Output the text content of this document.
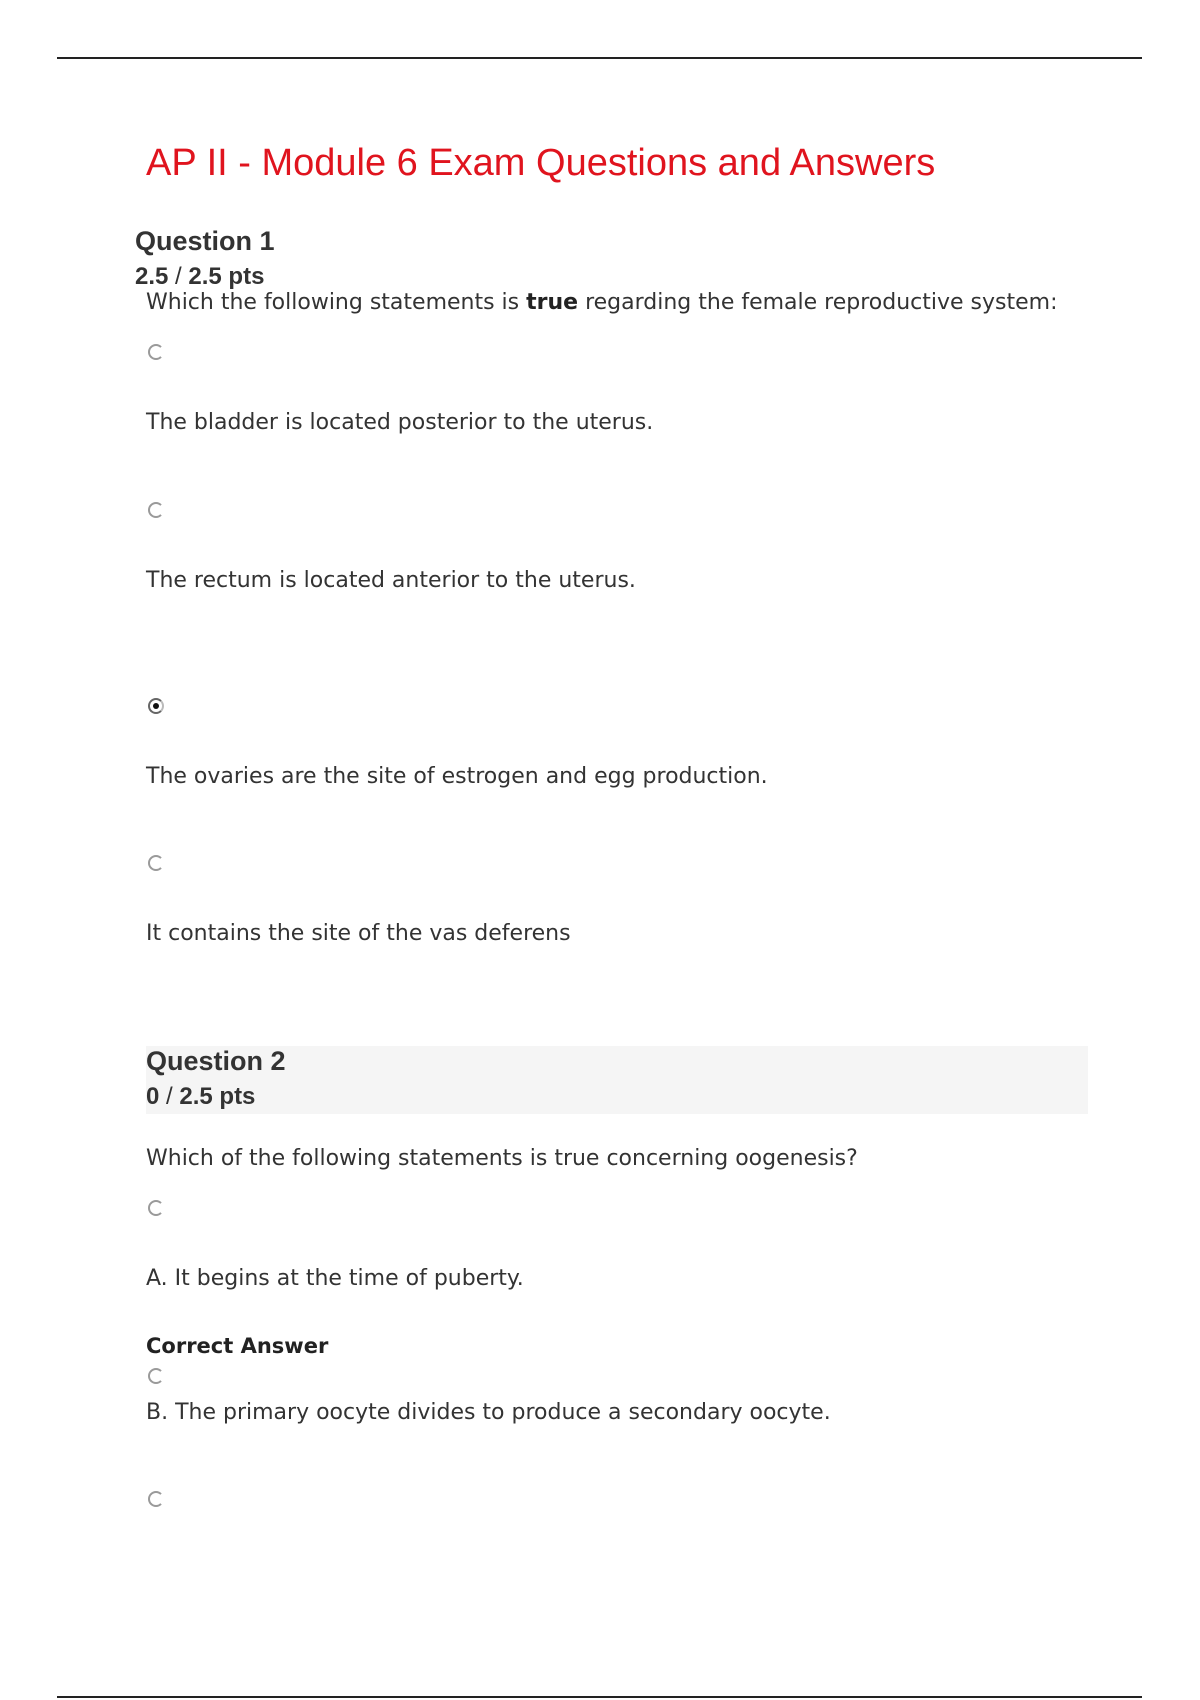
AP II - Module 6 Exam Questions and Answers
Question 1
2.5 / 2.5 pts
Which the following statements is true regarding the female reproductive system:
The bladder is located posterior to the uterus.
The rectum is located anterior to the uterus.
The ovaries are the site of estrogen and egg production.
It contains the site of the vas deferens
Question 2
0 / 2.5 pts
Which of the following statements is true concerning oogenesis?
A. It begins at the time of puberty.
Correct Answer
B. The primary oocyte divides to produce a secondary oocyte.
